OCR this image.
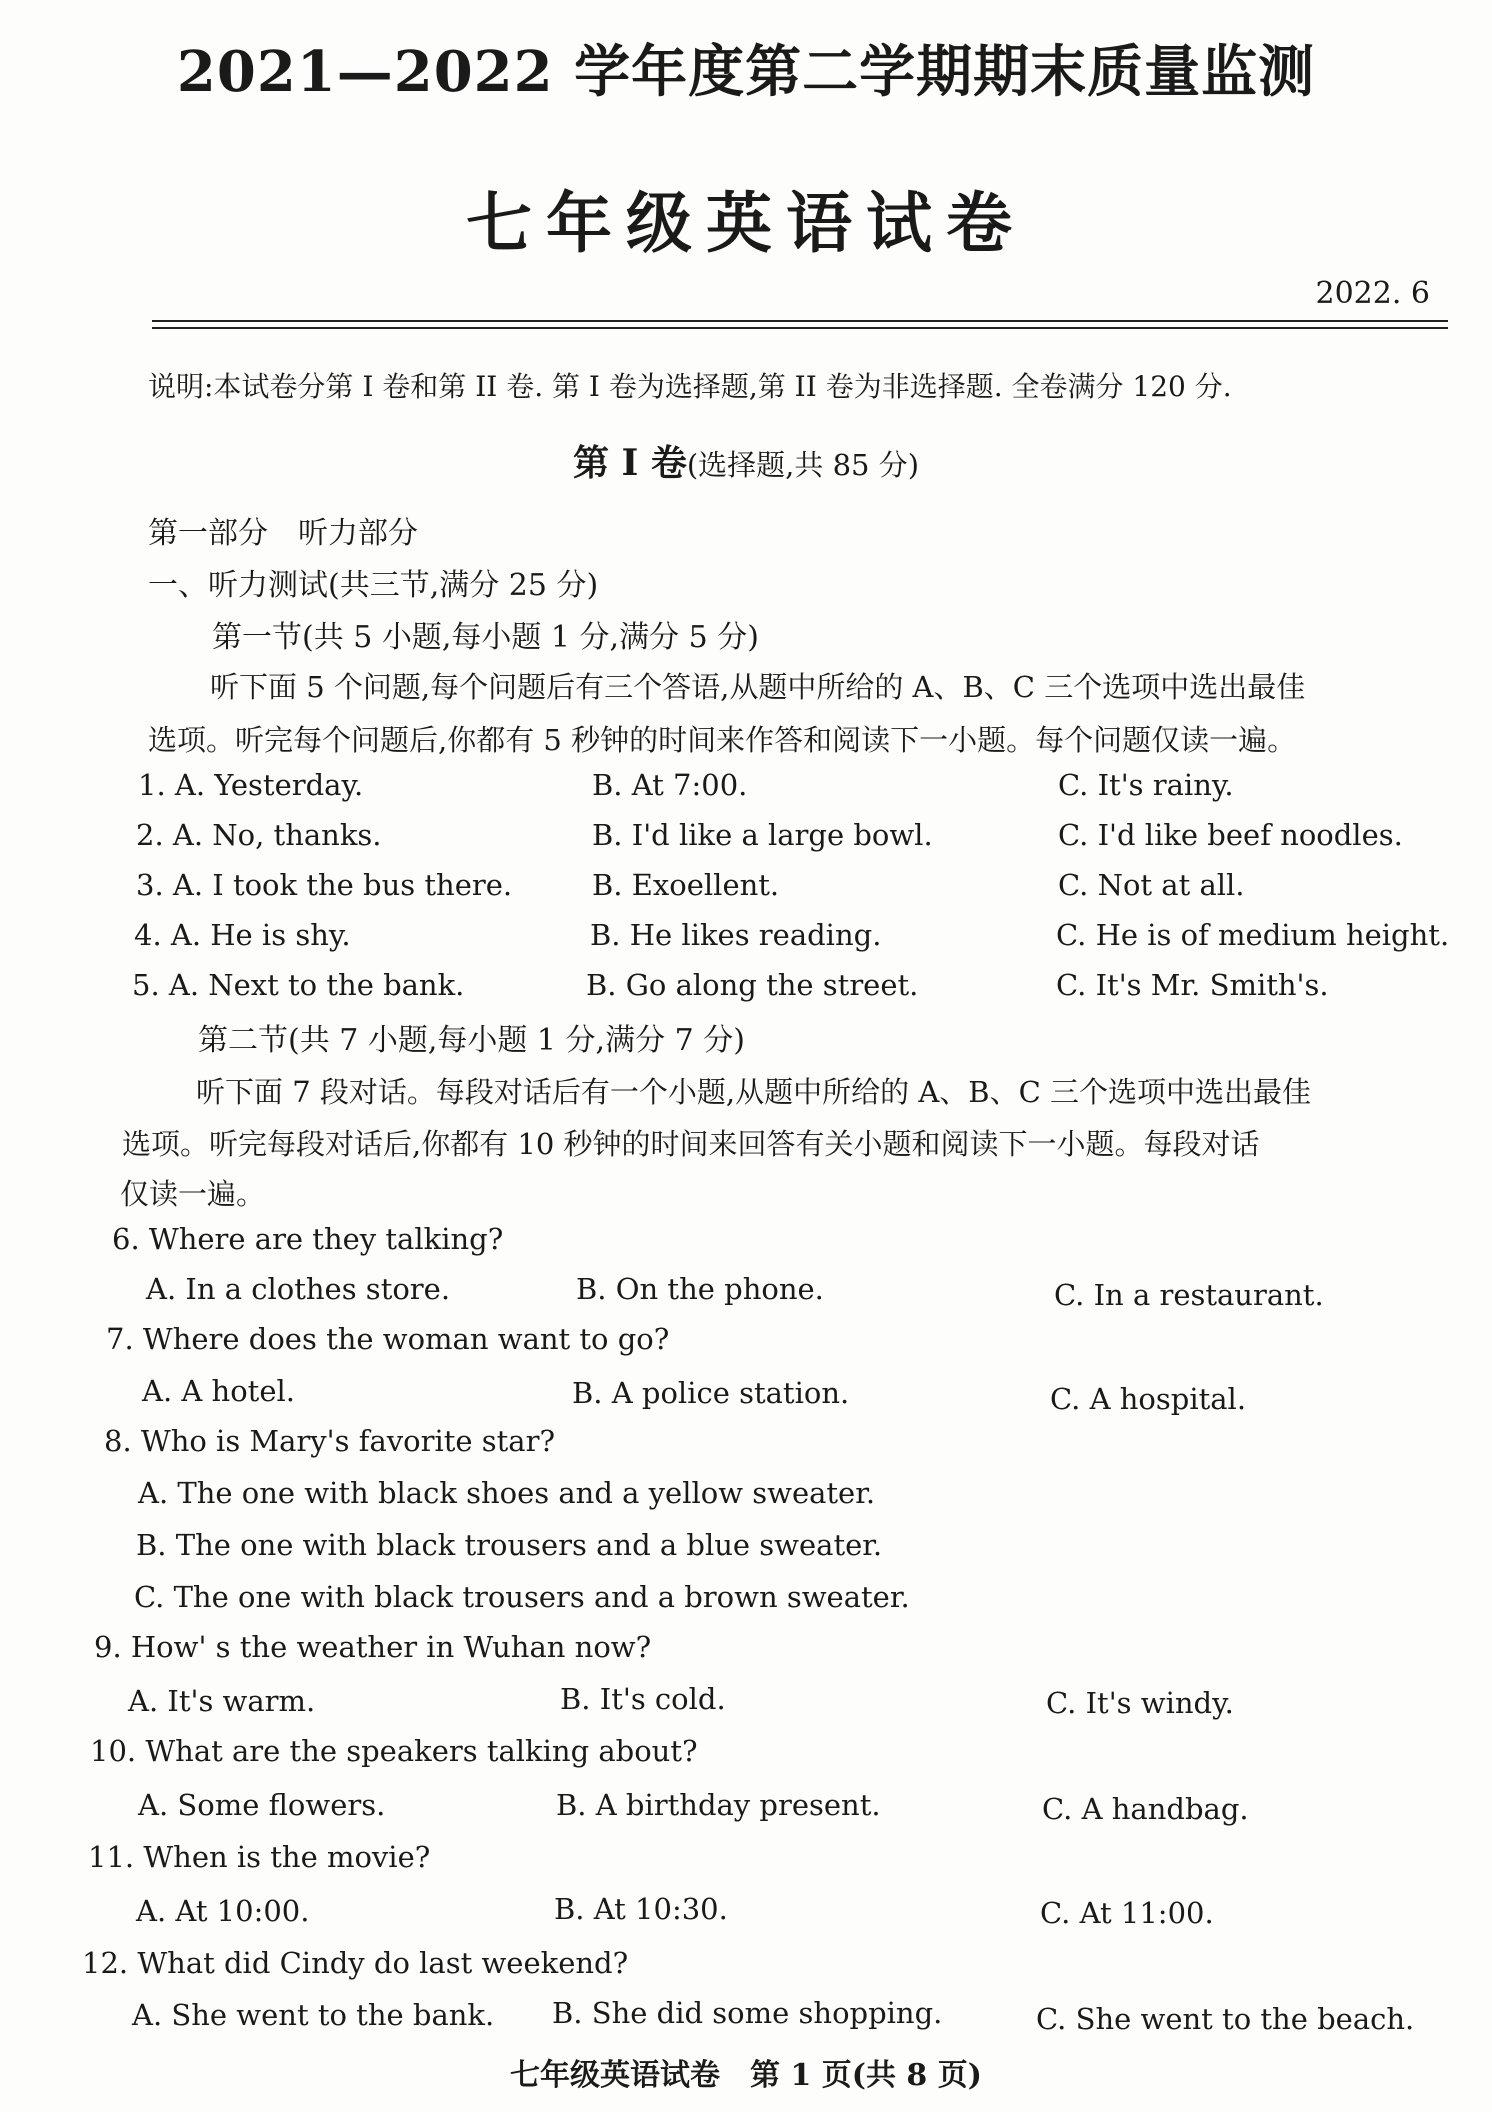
2021—2022 学年度第二学期期末质量监测
七年级英语试卷
2022. 6
说明:本试卷分第 I 卷和第 II 卷. 第 I 卷为选择题,第 II 卷为非选择题. 全卷满分 120 分.
第 I 卷(选择题,共 85 分)
第一部分　听力部分
一、听力测试(共三节,满分 25 分)
第一节(共 5 小题,每小题 1 分,满分 5 分)
听下面 5 个问题,每个问题后有三个答语,从题中所给的 A、B、C 三个选项中选出最佳
选项。听完每个问题后,你都有 5 秒钟的时间来作答和阅读下一小题。每个问题仅读一遍。
1. A. Yesterday.	B. At 7:00.	C. It's rainy.
2. A. No, thanks.	B. I'd like a large bowl.	C. I'd like beef noodles.
3. A. I took the bus there.	B. Exoellent.	C. Not at all.
4. A. He is shy.	B. He likes reading.	C. He is of medium height.
5. A. Next to the bank.	B. Go along the street.	C. It's Mr. Smith's.
第二节(共 7 小题,每小题 1 分,满分 7 分)
听下面 7 段对话。每段对话后有一个小题,从题中所给的 A、B、C 三个选项中选出最佳
选项。听完每段对话后,你都有 10 秒钟的时间来回答有关小题和阅读下一小题。每段对话
仅读一遍。
6. Where are they talking?
A. In a clothes store.	B. On the phone.	C. In a restaurant.
7. Where does the woman want to go?
A. A hotel.	B. A police station.	C. A hospital.
8. Who is Mary's favorite star?
A. The one with black shoes and a yellow sweater.
B. The one with black trousers and a blue sweater.
C. The one with black trousers and a brown sweater.
9. How' s the weather in Wuhan now?
A. It's warm.	B. It's cold.	C. It's windy.
10. What are the speakers talking about?
A. Some flowers.	B. A birthday present.	C. A handbag.
11. When is the movie?
A. At 10:00.	B. At 10:30.	C. At 11:00.
12. What did Cindy do last weekend?
A. She went to the bank. B. She did some shopping.	C. She went to the beach.
七年级英语试卷　第 1 页(共 8 页)
